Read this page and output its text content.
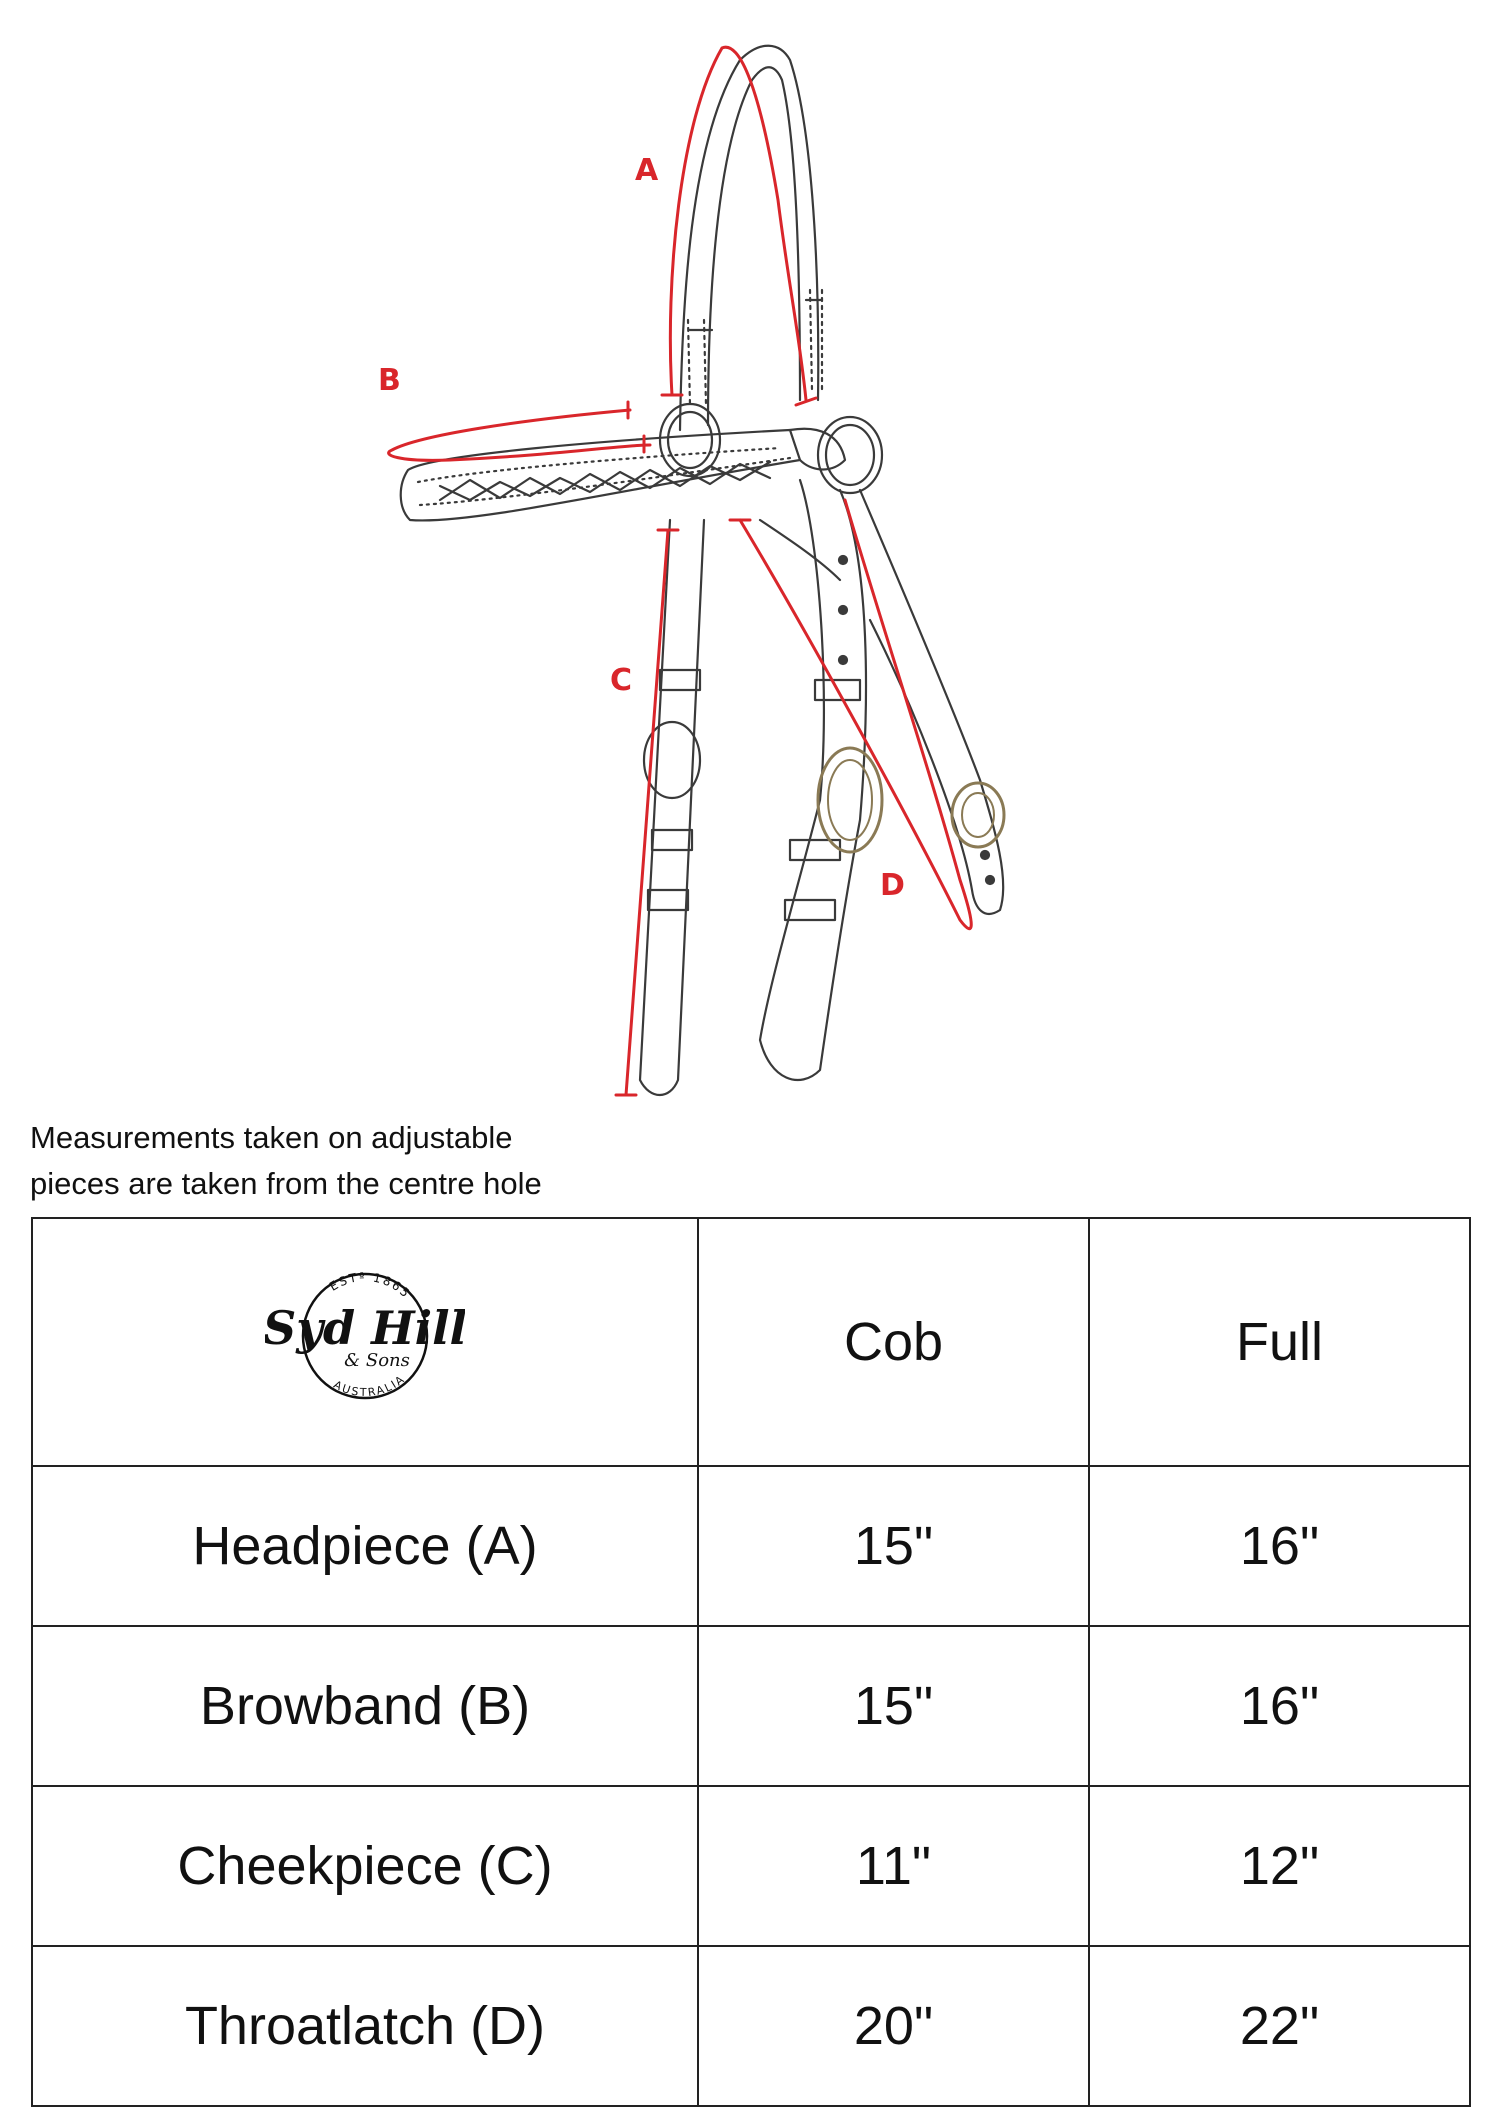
A
B
C
D
Measurements taken on adjustable
pieces are taken from the centre hole
ESTº 1865
Syd Hill
& Sons
AUSTRALIA	Cob	Full
Headpiece (A)	15"	16"
Browband (B)	15"	16"
Cheekpiece (C)	11"	12"
Throatlatch (D)	20"	22"
